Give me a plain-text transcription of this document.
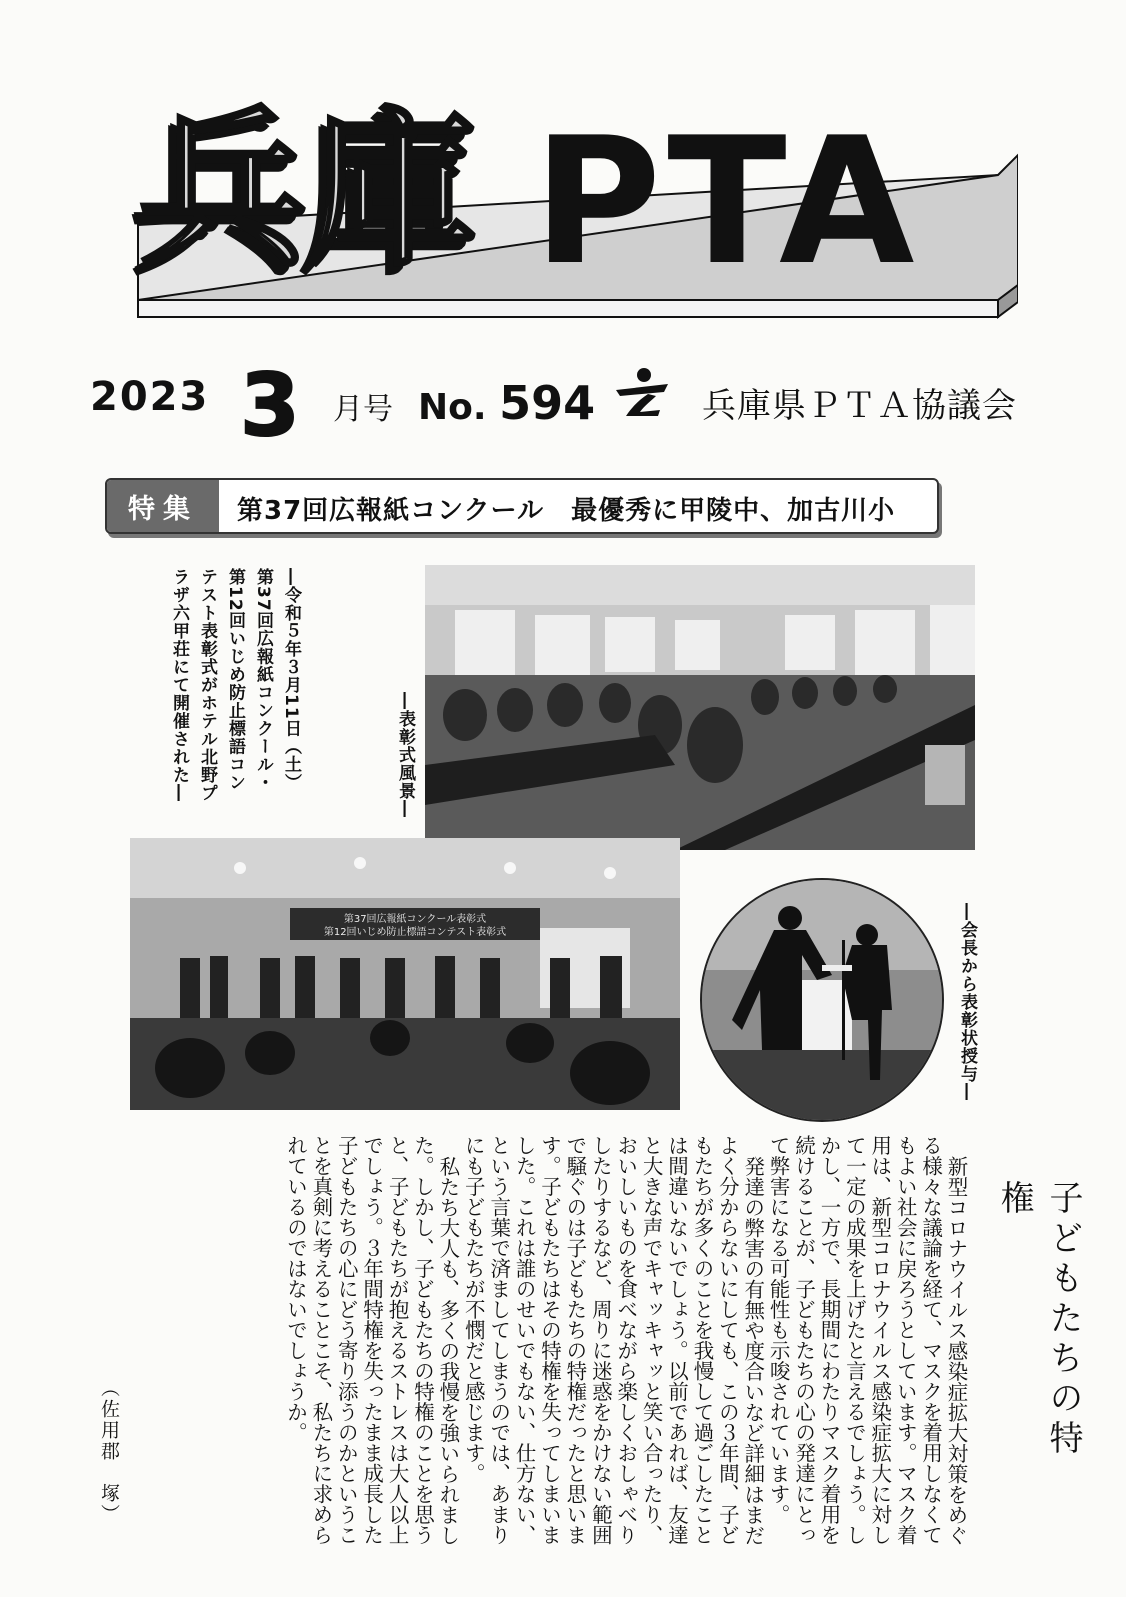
兵庫 PTA
2023 3 月号 No. 594	兵庫県ＰＴＡ協議会
特集	第37回広報紙コンクール　最優秀に甲陵中、加古川小
―令和５年３月11日（土）第37回広報紙コンクール・第12回いじめ防止標語コンテスト表彰式がホテル北野プラザ六甲荘にて開催された―	―表彰式風景―
―会長から表彰状授与―
第37回広報紙コンクール表彰式
第12回いじめ防止標語コンテスト表彰式
子どもたちの特権

新型コロナウイルス感染症拡大対策をめぐる様々な議論を経て、マスクを着用しなくてもよい社会に戻ろうとしています。マスク着用は、新型コロナウイルス感染症拡大に対して一定の成果を上げたと言えるでしょう。しかし、一方で、長期間にわたりマスク着用を続けることが、子どもたちの心の発達にとって弊害になる可能性も示唆されています。

発達の弊害の有無や度合いなど詳細はまだよく分からないにしても、この３年間、子どもたちが多くのことを我慢して過ごしたことは間違いないでしょう。以前であれば、友達と大きな声でキャッキャッと笑い合ったり、おいしいものを食べながら楽しくおしゃべりしたりするなど、周りに迷惑をかけない範囲で騒ぐのは子どもたちの特権だったと思います。子どもたちはその特権を失ってしまいました。これは誰のせいでもない、仕方ない、という言葉で済ましてしまうのでは、あまりにも子どもたちが不憫だと感じます。

私たち大人も、多くの我慢を強いられました。しかし、子どもたちの特権のことを思うと、子どもたちが抱えるストレスは大人以上でしょう。３年間特権を失ったまま成長した子どもたちの心にどう寄り添うのかということを真剣に考えることこそ、私たちに求められているのではないでしょうか。

（佐用郡　塚）
